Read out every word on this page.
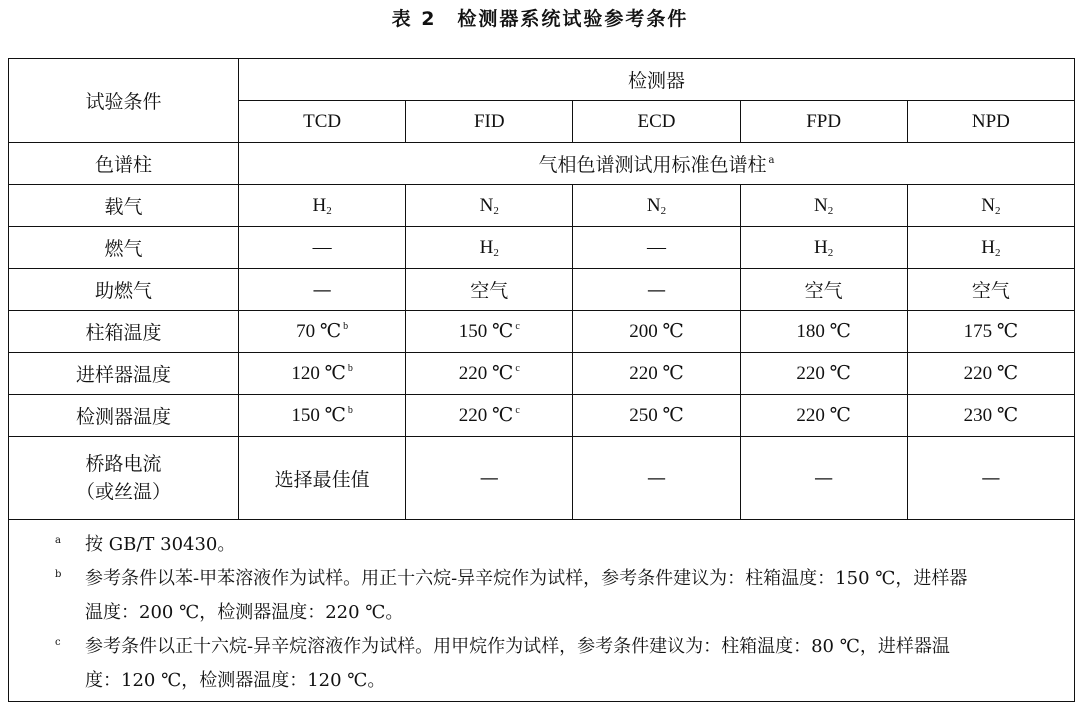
表 2　检测器系统试验参考条件
试验条件	检测器				
	TCD	FID	ECD	FPD	NPD
色谱柱	气相色谱测试用标准色谱柱 $^a$
载气	$H_2$	$N_2$	$N_2$	$N_2$	$N_2$
燃气	—	$H_2$	—	$H_2$	$H_2$
助燃气	—	空气	—	空气	空气
柱箱温度	70 ℃ $^b$	150 ℃ $^c$	200 ℃	180 ℃	175 ℃
进样器温度	120 ℃ $^b$	220 ℃ $^c$	220 ℃	220 ℃	220 ℃
检测器温度	150 ℃ $^b$	220 ℃ $^c$	250 ℃	220 ℃	230 ℃

桥路电流
（或丝温）	选择最佳值	—	—	—	—
a 按 GB/T 30430。
b 参考条件以苯-甲苯溶液作为试样。用正十六烷-异辛烷作为试样，参考条件建议为：柱箱温度：150 ℃，进样器
温度：200 ℃，检测器温度：220 ℃。
c 参考条件以正十六烷-异辛烷溶液作为试样。用甲烷作为试样，参考条件建议为：柱箱温度：80 ℃，进样器温
度：120 ℃，检测器温度：120 ℃。
